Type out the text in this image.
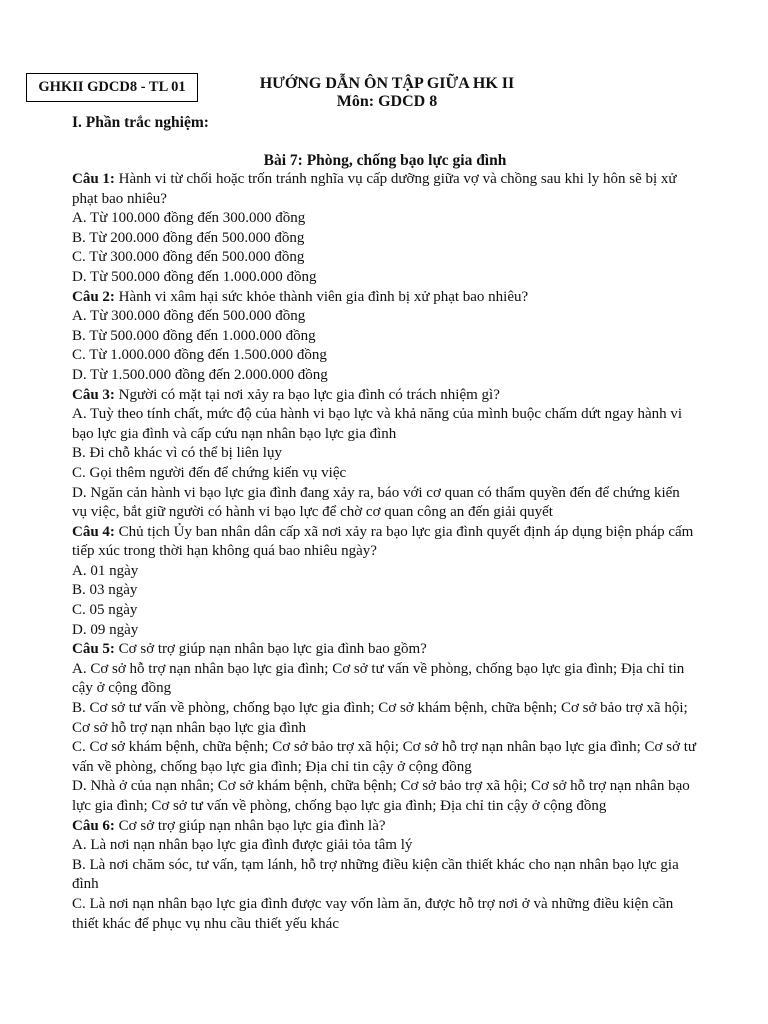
GHKII GDCD8 - TL 01	HƯỚNG DẪN ÔN TẬP GIỮA HK II
Môn: GDCD 8
I. Phần trắc nghiệm:
Bài 7: Phòng, chống bạo lực gia đình
Câu 1: Hành vi từ chối hoặc trốn tránh nghĩa vụ cấp dưỡng giữa vợ và chồng sau khi ly hôn sẽ bị xử phạt bao nhiêu?
A. Từ 100.000 đồng đến 300.000 đồng
B. Từ 200.000 đồng đến 500.000 đồng
C. Từ 300.000 đồng đến 500.000 đồng
D. Từ 500.000 đồng đến 1.000.000 đồng
Câu 2: Hành vi xâm hại sức khỏe thành viên gia đình bị xử phạt bao nhiêu?
A. Từ 300.000 đồng đến 500.000 đồng
B. Từ 500.000 đồng đến 1.000.000 đồng
C. Từ 1.000.000 đồng đến 1.500.000 đồng
D. Từ 1.500.000 đồng đến 2.000.000 đồng
Câu 3: Người có mặt tại nơi xảy ra bạo lực gia đình có trách nhiệm gì?
A. Tuỳ theo tính chất, mức độ của hành vi bạo lực và khả năng của mình buộc chấm dứt ngay hành vi bạo lực gia đình và cấp cứu nạn nhân bạo lực gia đình
B. Đi chỗ khác vì có thể bị liên lụy
C. Gọi thêm người đến để chứng kiến vụ việc
D. Ngăn cản hành vi bạo lực gia đình đang xảy ra, báo với cơ quan có thẩm quyền đến để chứng kiến vụ việc, bắt giữ người có hành vi bạo lực để chờ cơ quan công an đến giải quyết
Câu 4: Chủ tịch Ủy ban nhân dân cấp xã nơi xảy ra bạo lực gia đình quyết định áp dụng biện pháp cấm tiếp xúc trong thời hạn không quá bao nhiêu ngày?
A. 01 ngày
B. 03 ngày
C. 05 ngày
D. 09 ngày
Câu 5: Cơ sở trợ giúp nạn nhân bạo lực gia đình bao gồm?
A. Cơ sở hỗ trợ nạn nhân bạo lực gia đình; Cơ sở tư vấn về phòng, chống bạo lực gia đình; Địa chỉ tin cậy ở cộng đồng
B. Cơ sở tư vấn về phòng, chống bạo lực gia đình; Cơ sở khám bệnh, chữa bệnh; Cơ sở bảo trợ xã hội; Cơ sở hỗ trợ nạn nhân bạo lực gia đình
C. Cơ sở khám bệnh, chữa bệnh; Cơ sở bảo trợ xã hội; Cơ sở hỗ trợ nạn nhân bạo lực gia đình; Cơ sở tư vấn về phòng, chống bạo lực gia đình; Địa chỉ tin cậy ở cộng đồng
D. Nhà ở của nạn nhân; Cơ sở khám bệnh, chữa bệnh; Cơ sở bảo trợ xã hội; Cơ sở hỗ trợ nạn nhân bạo lực gia đình; Cơ sở tư vấn về phòng, chống bạo lực gia đình; Địa chỉ tin cậy ở cộng đồng
Câu 6: Cơ sở trợ giúp nạn nhân bạo lực gia đình là?
A. Là nơi nạn nhân bạo lực gia đình được giải tỏa tâm lý
B. Là nơi chăm sóc, tư vấn, tạm lánh, hỗ trợ những điều kiện cần thiết khác cho nạn nhân bạo lực gia đình
C. Là nơi nạn nhân bạo lực gia đình được vay vốn làm ăn, được hỗ trợ nơi ở và những điều kiện cần thiết khác để phục vụ nhu cầu thiết yếu khác
